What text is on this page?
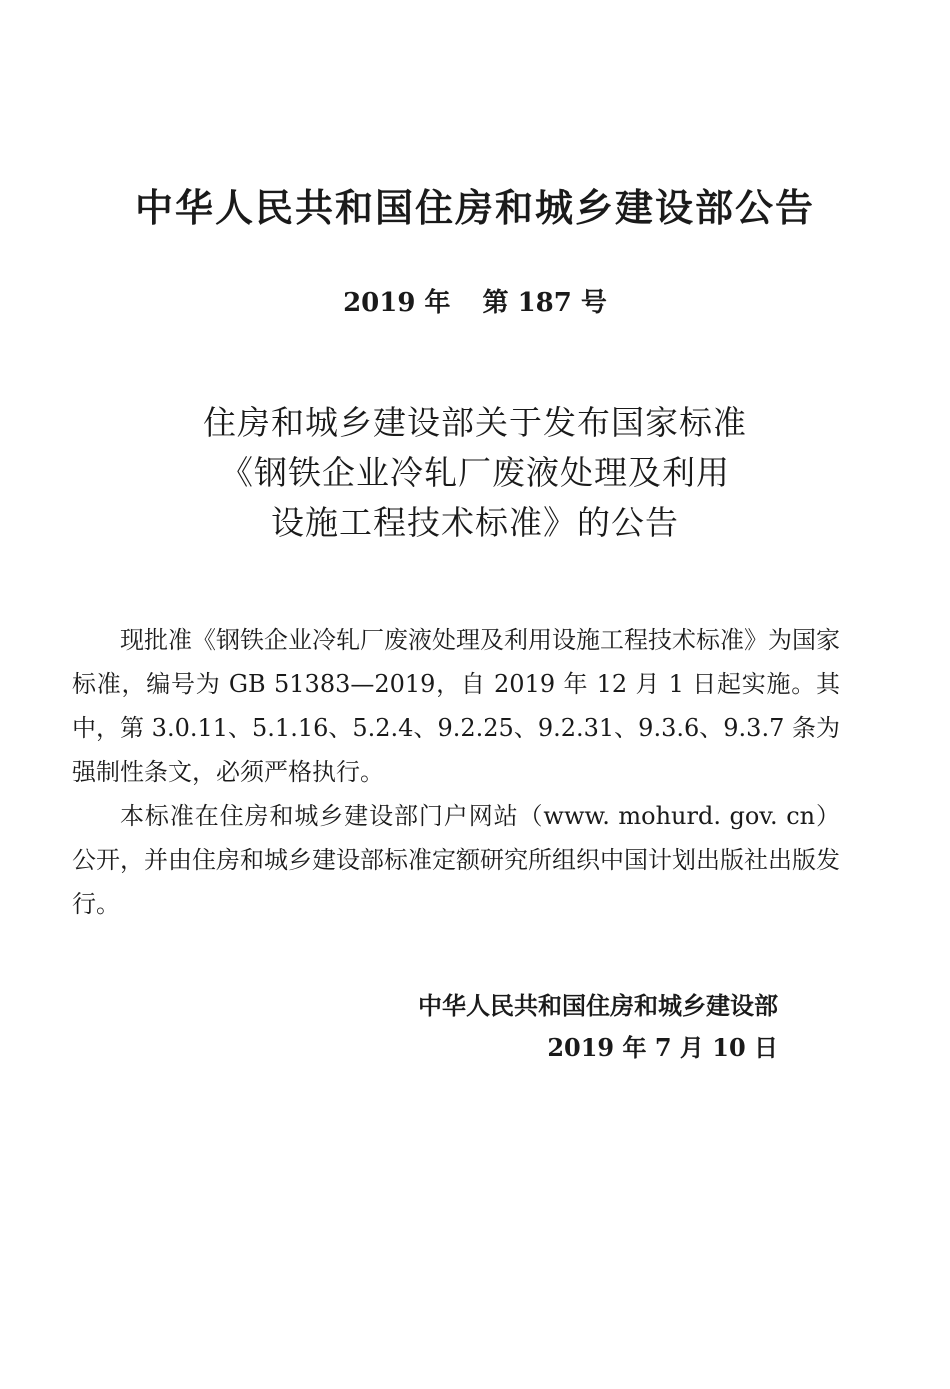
中华人民共和国住房和城乡建设部公告
2019 年 第 187 号
住房和城乡建设部关于发布国家标准
《钢铁企业冷轧厂废液处理及利用
设施工程技术标准》的公告

现批准《钢铁企业冷轧厂废液处理及利用设施工程技术标准》为国家标准，编号为 GB 51383—2019，自 2019 年 12 月 1 日起实施。其中，第 3.0.11、5.1.16、5.2.4、9.2.25、9.2.31、9.3.6、9.3.7 条为强制性条文，必须严格执行。

本标准在住房和城乡建设部门户网站（www. mohurd. gov. cn）公开，并由住房和城乡建设部标准定额研究所组织中国计划出版社出版发行。

中华人民共和国住房和城乡建设部
2019 年 7 月 10 日
